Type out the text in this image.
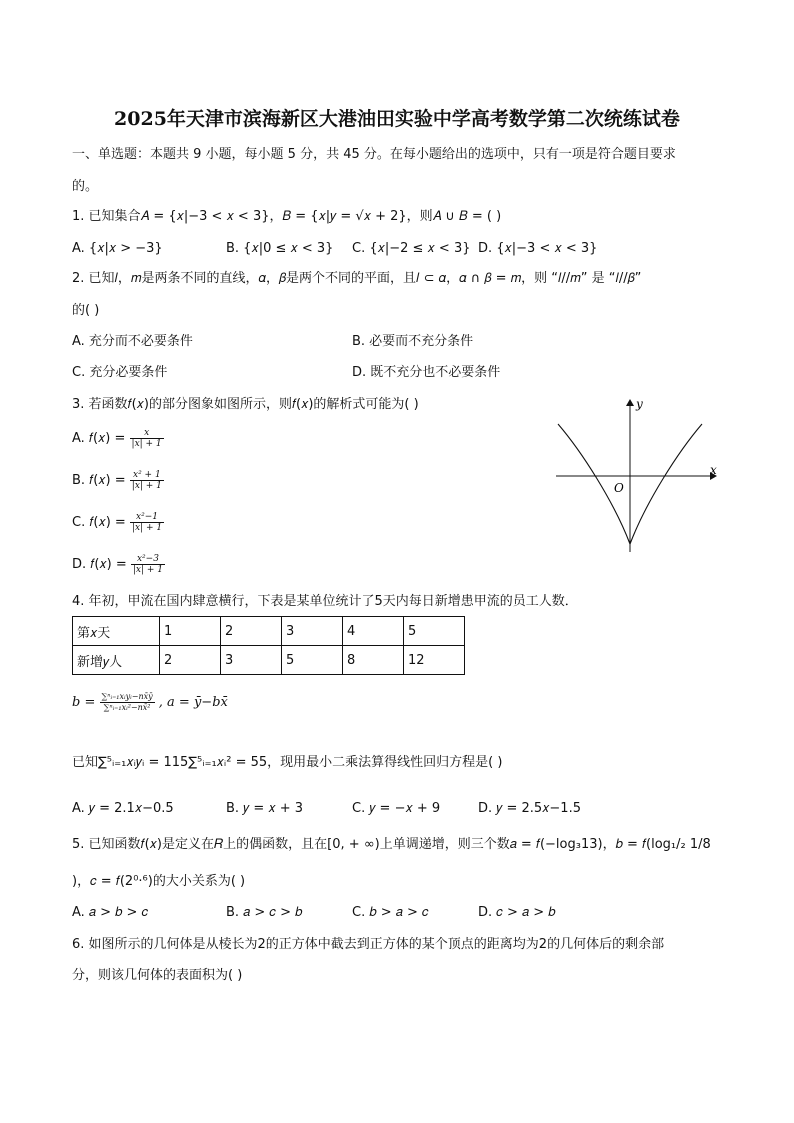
2025年天津市滨海新区大港油田实验中学高考数学第二次统练试卷
一、单选题：本题共 9 小题，每小题 5 分，共 45 分。在每小题给出的选项中，只有一项是符合题目要求
的。
1. 已知集合𝐴 = {𝑥|−3 < 𝑥 < 3}，𝐵 = {𝑥|𝑦 = √𝑥 + 2}，则𝐴 ∪ 𝐵 = ( )
A. {𝑥|𝑥 > −3}	B. {𝑥|0 ≤ 𝑥 < 3} C. {𝑥|−2 ≤ 𝑥 < 3} D. {𝑥|−3 < 𝑥 < 3}
2. 已知𝑙，𝑚是两条不同的直线，𝛼，𝛽是两个不同的平面，且𝑙 ⊂ 𝛼，𝛼 ∩ 𝛽 = 𝑚，则 “𝑙//𝑚” 是 “𝑙//𝛽”
的( )
A. 充分而不必要条件	B. 必要而不充分条件
C. 充分必要条件	D. 既不充分也不必要条件
3. 若函数𝑓(𝑥)的部分图象如图所示，则𝑓(𝑥)的解析式可能为( )
A. 𝑓(𝑥) = $\frac{x}{|x| + 1}$
B. 𝑓(𝑥) = $\frac{\text{x² + 1}}{|x| + 1}$
C. 𝑓(𝑥) = $\frac{\text{x²−1}}{|x| + 1}$
D. 𝑓(𝑥) = $\frac{\text{x²−3}}{|x| + 1}$
x
y
O
4. 年初，甲流在国内肆意横行，下表是某单位统计了5天内每日新增患甲流的员工人数．
第𝑥天	1	2	3	4	5
新增𝑦人	2	3	5	8	12
$b = \frac{\text{∑ⁿᵢ₌₁xᵢyᵢ−nx̄ȳ}}{\text{∑ⁿᵢ₌₁xᵢ²−nx̄²}}$ , a = ȳ−bx̄
已知∑⁵ᵢ₌₁𝑥ᵢ𝑦ᵢ = 115∑⁵ᵢ₌₁𝑥ᵢ² = 55，现用最小二乘法算得线性回归方程是( )
A. 𝑦 = 2.1𝑥−0.5	B. 𝑦 = 𝑥 + 3	C. 𝑦 = −𝑥 + 9	D. 𝑦 = 2.5𝑥−1.5
5. 已知函数𝑓(𝑥)是定义在𝑅上的偶函数，且在[0, + ∞)上单调递增，则三个数𝑎 = 𝑓(−log₃13)，𝑏 = 𝑓(log₁/₂ 1/8
)，𝑐 = 𝑓(2⁰·⁶)的大小关系为( )
A. 𝑎 > 𝑏 > 𝑐	B. 𝑎 > 𝑐 > 𝑏	C. 𝑏 > 𝑎 > 𝑐	D. 𝑐 > 𝑎 > 𝑏
6. 如图所示的几何体是从棱长为2的正方体中截去到正方体的某个顶点的距离均为2的几何体后的剩余部
分，则该几何体的表面积为( )
